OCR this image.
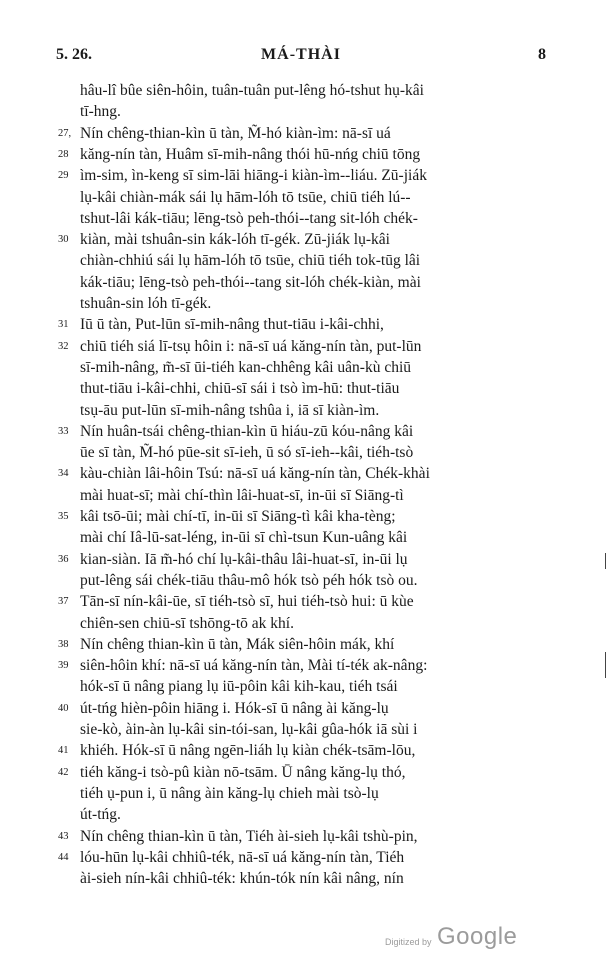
5. 26.	MÁ-THÀI	8
hâu-lî bûe siên-hôin, tuân-tuân put-lêng hó-tshut hụ-kâi
tī-hng.
27, 28
Nín chêng-thian-kìn ū tàn, M̃-hó kiàn-ìm: nā-sī uá
kăng-nín tàn, Huâm sī-mih-nâng thói hū-nńg chiū tōng
29 ìm-sim, ìn-keng sī sim-lāi hiāng-i kiàn-ìm--liáu. Zū-jiák
lụ-kâi chiàn-mák sái lụ hām-lóh tō tsūe, chiū tiéh lú--
tshut-lâi kák-tiāu; lēng-tsò peh-thói--tang sit-lóh chék-
30 kiàn, mài tshuân-sin kák-lóh tī-gék. Zū-jiák lụ-kâi
chiàn-chhiú sái lụ hām-lóh tō tsūe, chiū tiéh tok-tūg lâi
kák-tiāu; lēng-tsò peh-thói--tang sit-lóh chék-kiàn, mài
tshuân-sin lóh tī-gék.
31 Iū ū tàn, Put-lūn sī-mih-nâng thut-tiāu i-kâi-chhi,
32 chiū tiéh siá lī-tsụ hôin i: nā-sī uá kăng-nín tàn, put-lūn
sī-mih-nâng, m̃-sī ūi-tiéh kan-chhêng kâi uân-kù chiū
thut-tiāu i-kâi-chhi, chiū-sī sái i tsò ìm-hū: thut-tiāu
tsụ-āu put-lūn sī-mih-nâng tshûa i, iā sī kiàn-ìm.
33 Nín huân-tsái chêng-thian-kìn ū hiáu-zū kóu-nâng kâi
ūe sī tàn, M̃-hó pūe-sit sī-ieh, ū só sī-ieh--kâi, tiéh-tsò
34 kàu-chiàn lâi-hôin Tsú: nā-sī uá kăng-nín tàn, Chék-khài
mài huat-sī; mài chí-thìn lâi-huat-sī, in-ūi sī Siāng-tì
35 kâi tsō-ūi; mài chí-tī, in-ūi sī Siāng-tì kâi kha-tèng;
mài chí Iâ-lū-sat-léng, in-ūi sī chì-tsun Kun-uâng kâi
36 kian-siàn. Iā m̃-hó chí lụ-kâi-thâu lâi-huat-sī, in-ūi lụ
put-lêng sái chék-tiāu thâu-mô hók tsò péh hók tsò ou.
37 Tān-sī nín-kâi-ūe, sī tiéh-tsò sī, hui tiéh-tsò hui: ū kùe
chiên-sen chiū-sī tshōng-tō ak khí.
38 Nín chêng thian-kìn ū tàn, Mák siên-hôin mák, khí
39 siên-hôin khí: nā-sī uá kăng-nín tàn, Mài tí-ték ak-nâng:
hók-sī ū nâng piang lụ iū-pôin kâi kih-kau, tiéh tsái
40 út-tńg hièn-pôin hiāng i. Hók-sī ū nâng ài kăng-lụ
sie-kò, àin-àn lụ-kâi sin-tói-san, lụ-kâi gûa-hók iā sùi i
41 khiéh. Hók-sī ū nâng ngēn-liáh lụ kiàn chék-tsām-lōu,
42 tiéh kăng-i tsò-pû kiàn nō-tsām. Ū nâng kăng-lụ thó,
tiéh ụ-pun i, ū nâng àin kăng-lụ chieh mài tsò-lụ
út-tńg.
43 Nín chêng thian-kìn ū tàn, Tiéh ài-sieh lụ-kâi tshù-pin,
44 lóu-hūn lụ-kâi chhiû-ték, nā-sī uá kăng-nín tàn, Tiéh
ài-sieh nín-kâi chhiû-ték: khún-tók nín kâi nâng, nín
Digitized by Google
